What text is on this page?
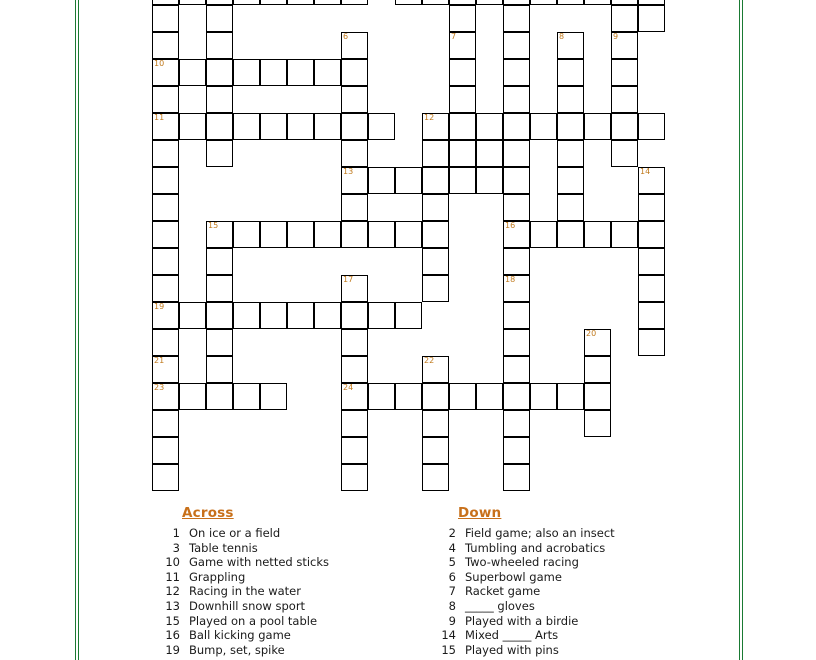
6	7	8	9
10
11	12
13	14
15	16
17	18
19
20
21	22
23	24
Across
1 On ice or a field
3 Table tennis
10 Game with netted sticks
11 Grappling
12 Racing in the water
13 Downhill snow sport
15 Played on a pool table
16 Ball kicking game
19 Bump, set, spike
Down
2 Field game; also an insect
4 Tumbling and acrobatics
5 Two-wheeled racing
6 Superbowl game
7 Racket game
8 _____ gloves
9 Played with a birdie
14 Mixed _____ Arts
15 Played with pins
